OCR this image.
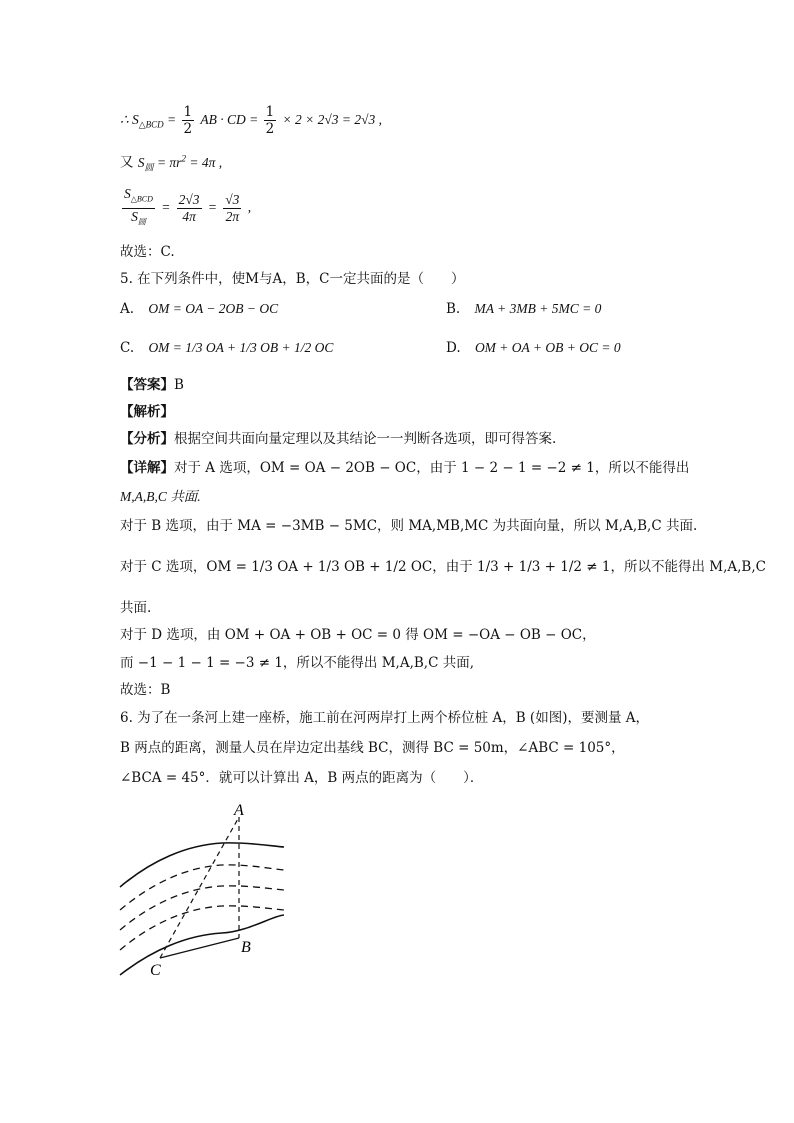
∴ $S_{\triangle BCD} = \frac{1}{2}$ AB · CD = $\frac{1}{2} \times 2 \times 2√3 = 2√3$ ,
又 $S_圆 = \pi r^2 = 4\pi$ ,
$\frac{S_{\triangle BCD}}{S_圆} = \frac{2√3}{4\pi} = \frac{√3}{2\pi}$ ,
故选：C.
5. 在下列条件中，使M与A，B，C一定共面的是（　　）
A. OM = OA − 2OB − OC	B. MA + 3MB + 5MC = 0
C. OM = 1/3 OA + 1/3 OB + 1/2 OC	D. OM + OA + OB + OC = 0
【答案】B
【解析】
【分析】根据空间共面向量定理以及其结论一一判断各选项，即可得答案.
【详解】对于 A 选项，OM = OA − 2OB − OC，由于 1 − 2 − 1 = −2 ≠ 1，所以不能得出
M,A,B,C 共面.
对于 B 选项，由于 MA = −3MB − 5MC，则 MA,MB,MC 为共面向量，所以 M,A,B,C 共面.
对于 C 选项，OM = 1/3 OA + 1/3 OB + 1/2 OC，由于 1/3 + 1/3 + 1/2 ≠ 1，所以不能得出 M,A,B,C
共面.
对于 D 选项，由 OM + OA + OB + OC = 0 得 OM = −OA − OB − OC，
而 −1 − 1 − 1 = −3 ≠ 1，所以不能得出 M,A,B,C 共面,
故选：B
6. 为了在一条河上建一座桥，施工前在河两岸打上两个桥位桩 A，B (如图)，要测量 A，
B 两点的距离，测量人员在岸边定出基线 BC，测得 BC = 50m，∠ABC = 105°，
∠BCA = 45°．就可以计算出 A，B 两点的距离为（　　）．
A
B
C
